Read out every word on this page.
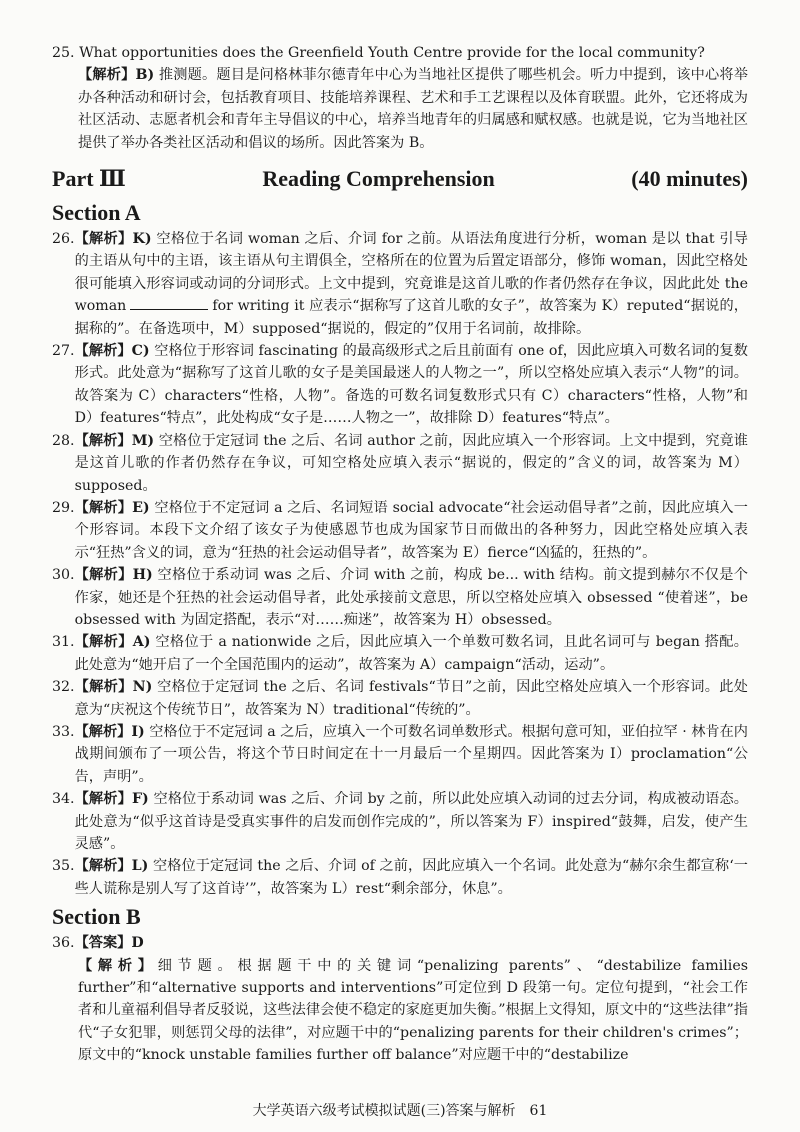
25. What opportunities does the Greenfield Youth Centre provide for the local community?

【解析】B) 推测题。题目是问格林菲尔德青年中心为当地社区提供了哪些机会。听力中提到，该中心将举办各种活动和研讨会，包括教育项目、技能培养课程、艺术和手工艺课程以及体育联盟。此外，它还将成为社区活动、志愿者机会和青年主导倡议的中心，培养当地青年的归属感和赋权感。也就是说，它为当地社区提供了举办各类社区活动和倡议的场所。因此答案为 B。

Part Ⅲ	Reading Comprehension	(40 minutes)
Section A
26. 【解析】K) 空格位于名词 woman 之后、介词 for 之前。从语法角度进行分析，woman 是以 that 引导的主语从句中的主语，该主语从句主谓俱全，空格所在的位置为后置定语部分，修饰 woman，因此空格处很可能填入形容词或动词的分词形式。上文中提到，究竟谁是这首儿歌的作者仍然存在争议，因此此处 the woman	for writing it 应表示“据称写了这首儿歌的女子”，故答案为 K）reputed“据说的，据称的”。在备选项中，M）supposed“据说的，假定的”仅用于名词前，故排除。
27. 【解析】C) 空格位于形容词 fascinating 的最高级形式之后且前面有 one of，因此应填入可数名词的复数形式。此处意为“据称写了这首儿歌的女子是美国最迷人的人物之一”，所以空格处应填入表示“人物”的词。故答案为 C）characters“性格，人物”。备选的可数名词复数形式只有 C）characters“性格，人物”和 D）features“特点”，此处构成“女子是……人物之一”，故排除 D）features“特点”。
28. 【解析】M) 空格位于定冠词 the 之后、名词 author 之前，因此应填入一个形容词。上文中提到，究竟谁是这首儿歌的作者仍然存在争议，可知空格处应填入表示“据说的，假定的”含义的词，故答案为 M）supposed。
29. 【解析】E) 空格位于不定冠词 a 之后、名词短语 social advocate“社会运动倡导者”之前，因此应填入一个形容词。本段下文介绍了该女子为使感恩节也成为国家节日而做出的各种努力，因此空格处应填入表示“狂热”含义的词，意为“狂热的社会运动倡导者”，故答案为 E）fierce“凶猛的，狂热的”。
30. 【解析】H) 空格位于系动词 was 之后、介词 with 之前，构成 be... with 结构。前文提到赫尔不仅是个作家，她还是个狂热的社会运动倡导者，此处承接前文意思，所以空格处应填入 obsessed “使着迷”，be obsessed with 为固定搭配，表示“对……痴迷”，故答案为 H）obsessed。
31. 【解析】A) 空格位于 a nationwide 之后，因此应填入一个单数可数名词，且此名词可与 began 搭配。此处意为“她开启了一个全国范围内的运动”，故答案为 A）campaign“活动，运动”。
32. 【解析】N) 空格位于定冠词 the 之后、名词 festivals“节日”之前，因此空格处应填入一个形容词。此处意为“庆祝这个传统节日”，故答案为 N）traditional“传统的”。
33. 【解析】I) 空格位于不定冠词 a 之后，应填入一个可数名词单数形式。根据句意可知，亚伯拉罕 · 林肯在内战期间颁布了一项公告，将这个节日时间定在十一月最后一个星期四。因此答案为 I）proclamation“公告，声明”。
34. 【解析】F) 空格位于系动词 was 之后、介词 by 之前，所以此处应填入动词的过去分词，构成被动语态。此处意为“似乎这首诗是受真实事件的启发而创作完成的”，所以答案为 F）inspired“鼓舞，启发，使产生灵感”。
35. 【解析】L) 空格位于定冠词 the 之后、介词 of 之前，因此应填入一个名词。此处意为“赫尔余生都宣称‘一些人谎称是别人写了这首诗’”，故答案为 L）rest“剩余部分，休息”。
Section B
36. 【答案】D

【解析】细节题。根据题干中的关键词“penalizing parents”、“destabilize families further”和“alternative supports and interventions”可定位到 D 段第一句。定位句提到，“社会工作者和儿童福利倡导者反驳说，这些法律会使不稳定的家庭更加失衡。”根据上文得知，原文中的“这些法律”指代“子女犯罪，则惩罚父母的法律”，对应题干中的“penalizing parents for their children's crimes”；原文中的“knock unstable families further off balance”对应题干中的“destabilize

大学英语六级考试模拟试题(三)答案与解析　61
